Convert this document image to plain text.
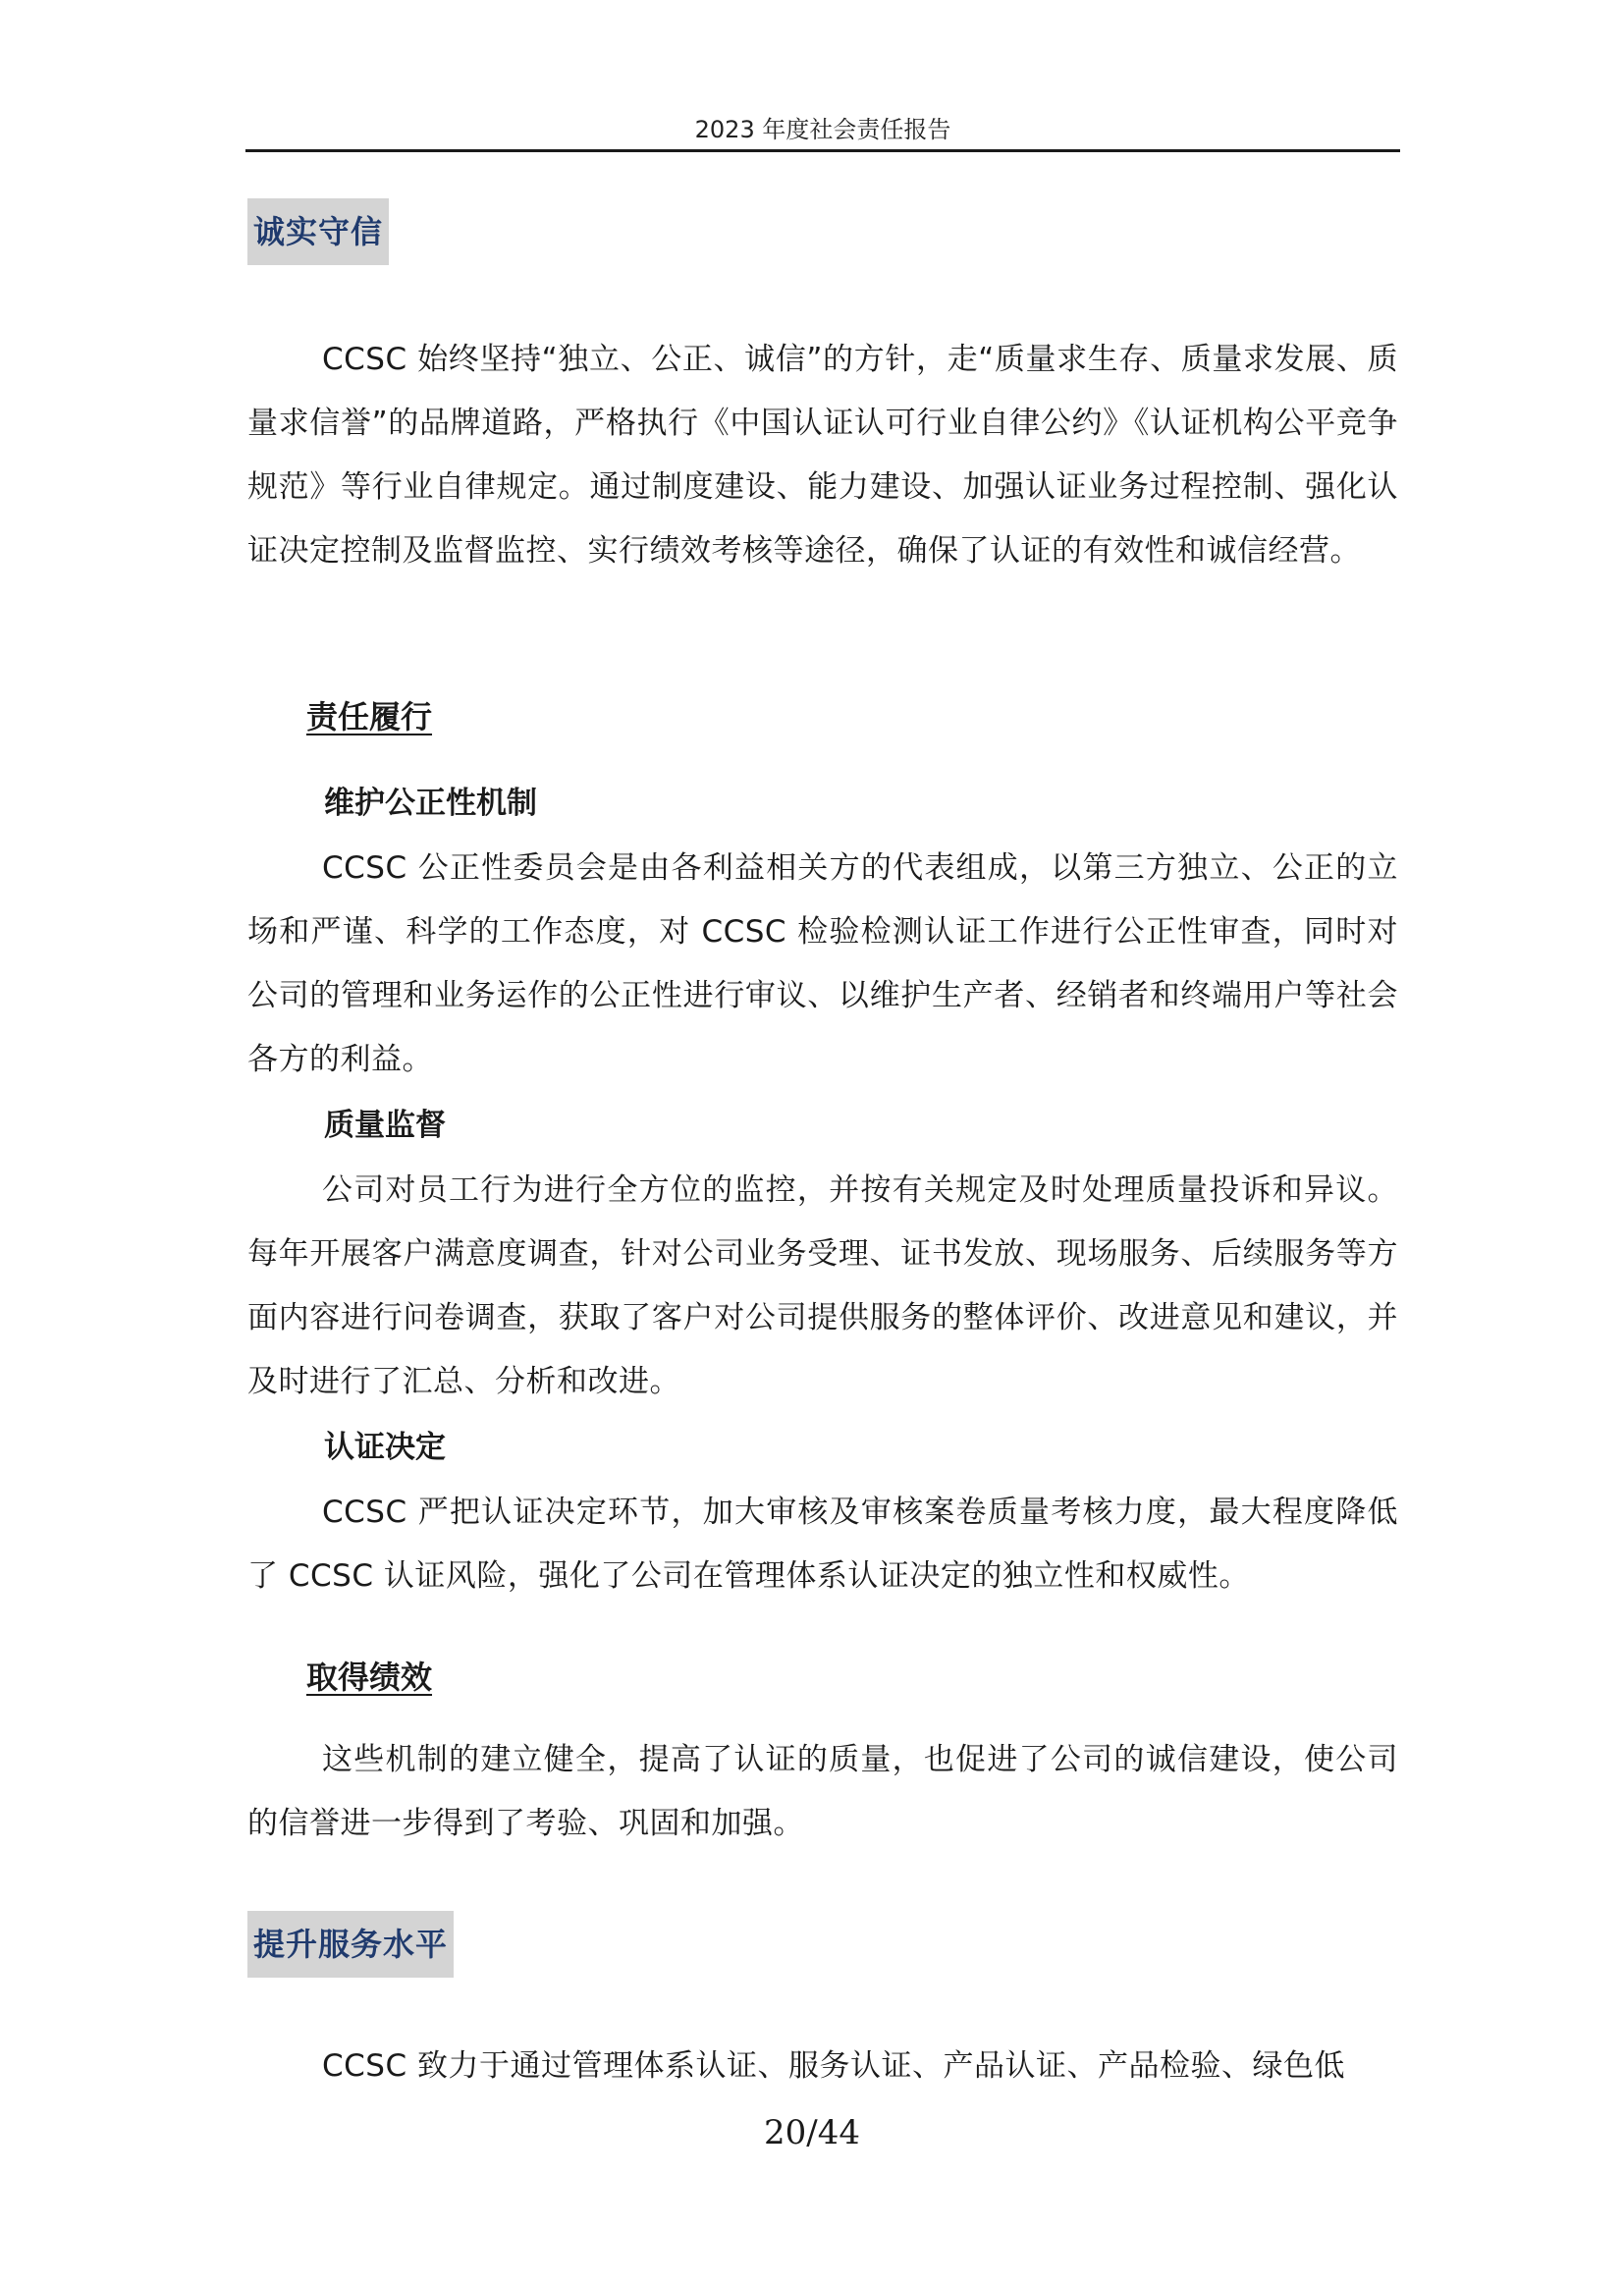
2023 年度社会责任报告
诚实守信

CCSC 始终坚持“独立、公正、诚信”的方针，走“质量求生存、质量求发展、质量求信誉”的品牌道路，严格执行《中国认证认可行业自律公约》《认证机构公平竞争规范》等行业自律规定。通过制度建设、能力建设、加强认证业务过程控制、强化认证决定控制及监督监控、实行绩效考核等途径，确保了认证的有效性和诚信经营。

责任履行
维护公正性机制

CCSC 公正性委员会是由各利益相关方的代表组成，以第三方独立、公正的立场和严谨、科学的工作态度，对 CCSC 检验检测认证工作进行公正性审查，同时对公司的管理和业务运作的公正性进行审议、以维护生产者、经销者和终端用户等社会各方的利益。

质量监督

公司对员工行为进行全方位的监控，并按有关规定及时处理质量投诉和异议。每年开展客户满意度调查，针对公司业务受理、证书发放、现场服务、后续服务等方面内容进行问卷调查，获取了客户对公司提供服务的整体评价、改进意见和建议，并及时进行了汇总、分析和改进。

认证决定

CCSC 严把认证决定环节，加大审核及审核案卷质量考核力度，最大程度降低了 CCSC 认证风险，强化了公司在管理体系认证决定的独立性和权威性。

取得绩效

这些机制的建立健全，提高了认证的质量，也促进了公司的诚信建设，使公司的信誉进一步得到了考验、巩固和加强。

提升服务水平

CCSC 致力于通过管理体系认证、服务认证、产品认证、产品检验、绿色低

20/44
